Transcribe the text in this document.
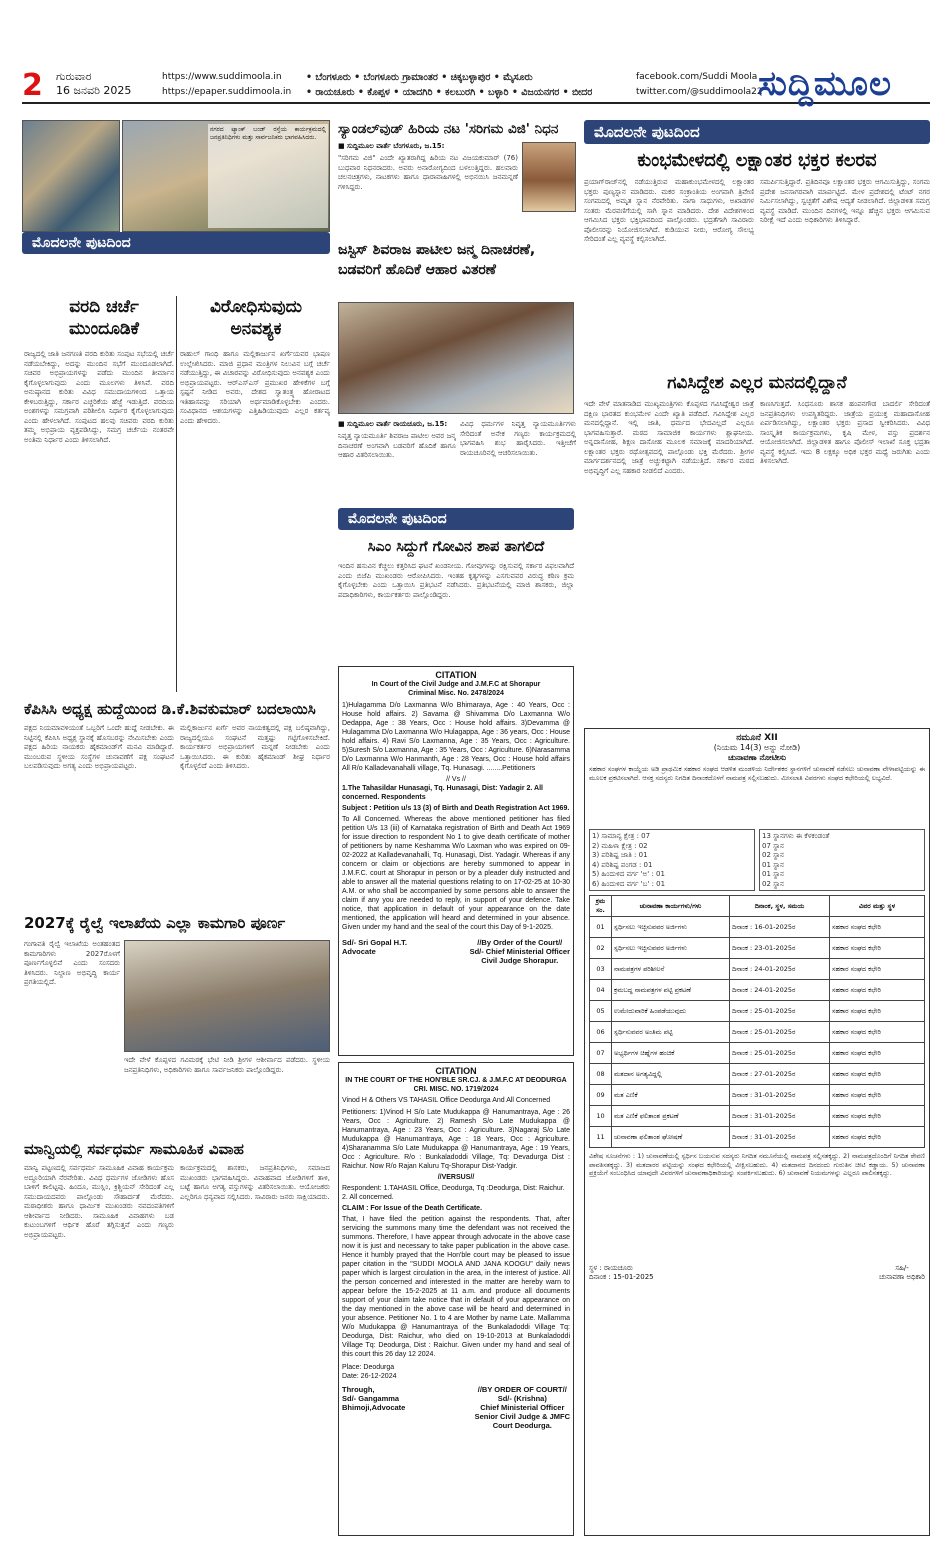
2	ಗುರುವಾರ
16 ಜನವರಿ 2025
https://www.suddimoola.in
https://epaper.suddimoola.in
• ಬೆಂಗಳೂರು • ಬೆಂಗಳೂರು ಗ್ರಾಮಾಂತರ • ಚಿಕ್ಕಬಳ್ಳಾಪುರ • ಮೈಸೂರು
• ರಾಯಚೂರು • ಕೊಪ್ಪಳ • ಯಾದಗಿರಿ • ಕಲಬುರಗಿ • ಬಳ್ಳಾರಿ • ವಿಜಯನಗರ • ಬೀದರ
facebook.com/Suddi Moola
twitter.com/@suddimoola22
ಸುದ್ದಿಮೂಲ
ನಗರದ ಟ್ಯಾಂಕ್ ಬಂಡ್ ರಸ್ತೆಯ ಕಾರ್ಯಕ್ರಮದಲ್ಲಿ ಜನಪ್ರತಿನಿಧಿಗಳು ಮತ್ತು ಸಾರ್ವಜನಿಕರು ಭಾಗವಹಿಸಿದರು.
ಮೊದಲನೇ ಪುಟದಿಂದ
ವರದಿ ಚರ್ಚೆ ಮುಂದೂಡಿಕೆ
ವಿರೋಧಿಸುವುದು ಅನವಶ್ಯಕ
ರಾಜ್ಯದಲ್ಲಿ ಜಾತಿ ಜನಗಣತಿ ವರದಿ ಕುರಿತು ಸಂಪುಟ ಸಭೆಯಲ್ಲಿ ಚರ್ಚೆ ನಡೆಯಬೇಕಿದ್ದು, ಅದನ್ನು ಮುಂದಿನ ಸಭೆಗೆ ಮುಂದೂಡಲಾಗಿದೆ. ಸಚಿವರ ಅಭಿಪ್ರಾಯಗಳನ್ನು ಪಡೆದು ಮುಂದಿನ ತೀರ್ಮಾನ ಕೈಗೊಳ್ಳಲಾಗುವುದು ಎಂದು ಮೂಲಗಳು ತಿಳಿಸಿವೆ. ವರದಿ ಅನುಷ್ಠಾನದ ಕುರಿತು ವಿವಿಧ ಸಮುದಾಯಗಳಿಂದ ಒತ್ತಾಯ ಕೇಳಿಬರುತ್ತಿದ್ದು, ಸರ್ಕಾರ ಎಚ್ಚರಿಕೆಯ ಹೆಜ್ಜೆ ಇಡುತ್ತಿದೆ. ವರದಿಯ ಅಂಶಗಳನ್ನು ಸಮಗ್ರವಾಗಿ ಪರಿಶೀಲಿಸಿ ನಿರ್ಧಾರ ಕೈಗೊಳ್ಳಲಾಗುವುದು ಎಂದು ಹೇಳಲಾಗಿದೆ. ಸಂಪುಟದ ಹಲವು ಸಚಿವರು ವರದಿ ಕುರಿತು ತಮ್ಮ ಅಭಿಪ್ರಾಯ ವ್ಯಕ್ತಪಡಿಸಿದ್ದು, ಸಮಗ್ರ ಚರ್ಚೆಯ ನಂತರವೇ ಅಂತಿಮ ನಿರ್ಧಾರ ಎಂದು ತಿಳಿಸಲಾಗಿದೆ.
ರಾಹುಲ್ ಗಾಂಧಿ ಹಾಗೂ ಮಲ್ಲಿಕಾರ್ಜುನ ಖರ್ಗೆಯವರ ಭಾಷಣ ಉಲ್ಲೇಖಿಸಿದರು. ಮಾಜಿ ಪ್ರಧಾನ ಮಂತ್ರಿಗಳ ನಿಲುವಿನ ಬಗ್ಗೆ ಚರ್ಚೆ ನಡೆಯುತ್ತಿದ್ದು, ಈ ವಿಚಾರವನ್ನು ವಿರೋಧಿಸುವುದು ಅನವಶ್ಯಕ ಎಂದು ಅಭಿಪ್ರಾಯಪಟ್ಟರು. ಆರ್‌ಎಸ್‌ಎಸ್ ಪ್ರಮುಖರ ಹೇಳಿಕೆಗಳ ಬಗ್ಗೆ ಸ್ಪಷ್ಟನೆ ನೀಡಿದ ಅವರು, ದೇಶದ ಸ್ವಾತಂತ್ರ್ಯ ಹೋರಾಟದ ಇತಿಹಾಸವನ್ನು ಸರಿಯಾಗಿ ಅರ್ಥಮಾಡಿಕೊಳ್ಳಬೇಕು ಎಂದರು. ಸಂವಿಧಾನದ ಆಶಯಗಳನ್ನು ಎತ್ತಿಹಿಡಿಯುವುದು ಎಲ್ಲರ ಕರ್ತವ್ಯ ಎಂದು ಹೇಳಿದರು.
ಕೆಪಿಸಿಸಿ ಅಧ್ಯಕ್ಷ ಹುದ್ದೆಯಿಂದ ಡಿ.ಕೆ.ಶಿವಕುಮಾರ್ ಬದಲಾಯಿಸಿ
ಪಕ್ಷದ ನಿಯಮಾವಳಿಯಂತೆ ಒಬ್ಬರಿಗೆ ಒಂದೇ ಹುದ್ದೆ ನೀಡಬೇಕು. ಈ ನಿಟ್ಟಿನಲ್ಲಿ ಕೆಪಿಸಿಸಿ ಅಧ್ಯಕ್ಷ ಸ್ಥಾನಕ್ಕೆ ಹೊಸಬರನ್ನು ನೇಮಿಸಬೇಕು ಎಂದು ಪಕ್ಷದ ಹಿರಿಯ ನಾಯಕರು ಹೈಕಮಾಂಡ್‌ಗೆ ಮನವಿ ಮಾಡಿದ್ದಾರೆ. ಮುಂಬರುವ ಸ್ಥಳೀಯ ಸಂಸ್ಥೆಗಳ ಚುನಾವಣೆಗೆ ಪಕ್ಷ ಸಂಘಟನೆ ಬಲಪಡಿಸುವುದು ಅಗತ್ಯ ಎಂದು ಅಭಿಪ್ರಾಯಪಟ್ಟರು.
ಮಲ್ಲಿಕಾರ್ಜುನ ಖರ್ಗೆ ಅವರ ನಾಯಕತ್ವದಲ್ಲಿ ಪಕ್ಷ ಬಲಿಷ್ಠವಾಗಿದ್ದು, ರಾಜ್ಯದಲ್ಲಿಯೂ ಸಂಘಟನೆ ಮತ್ತಷ್ಟು ಗಟ್ಟಿಗೊಳಿಸಬೇಕಿದೆ. ಕಾರ್ಯಕರ್ತರ ಅಭಿಪ್ರಾಯಗಳಿಗೆ ಮನ್ನಣೆ ನೀಡಬೇಕು ಎಂದು ಒತ್ತಾಯಿಸಿದರು. ಈ ಕುರಿತು ಹೈಕಮಾಂಡ್ ಶೀಘ್ರ ನಿರ್ಧಾರ ಕೈಗೊಳ್ಳಲಿದೆ ಎಂದು ತಿಳಿಸಿದರು.
2027ಕ್ಕೆ ರೈಲ್ವೆ ಇಲಾಖೆಯ ಎಲ್ಲಾ ಕಾಮಗಾರಿ ಪೂರ್ಣ
ಗಂಗಾವತಿ ರೈಲ್ವೆ ಇಲಾಖೆಯ ಅಂತಹಂತದ ಕಾಮಗಾರಿಗಳು 2027ರೊಳಗೆ ಪೂರ್ಣಗೊಳ್ಳಲಿವೆ ಎಂದು ಸಂಸದರು ತಿಳಿಸಿದರು. ನಿಲ್ದಾಣ ಅಭಿವೃದ್ಧಿ ಕಾರ್ಯ ಪ್ರಗತಿಯಲ್ಲಿದೆ.
ಇದೇ ವೇಳೆ ಕೊಪ್ಪಳದ ಗವಿಮಠಕ್ಕೆ ಭೇಟಿ ನೀಡಿ ಶ್ರೀಗಳ ಆಶೀರ್ವಾದ ಪಡೆದರು. ಸ್ಥಳೀಯ ಜನಪ್ರತಿನಿಧಿಗಳು, ಅಧಿಕಾರಿಗಳು ಹಾಗೂ ಸಾರ್ವಜನಿಕರು ಪಾಲ್ಗೊಂಡಿದ್ದರು.
ಮಾನ್ವಿಯಲ್ಲಿ ಸರ್ವಧರ್ಮ ಸಾಮೂಹಿಕ ವಿವಾಹ
ಮಾನ್ವಿ ಪಟ್ಟಣದಲ್ಲಿ ಸರ್ವಧರ್ಮ ಸಾಮೂಹಿಕ ವಿವಾಹ ಕಾರ್ಯಕ್ರಮ ಅದ್ದೂರಿಯಾಗಿ ನೆರವೇರಿತು. ವಿವಿಧ ಧರ್ಮಗಳ ಜೋಡಿಗಳು ಹೊಸ ಬಾಳಿಗೆ ಕಾಲಿಟ್ಟವು. ಹಿಂದೂ, ಮುಸ್ಲಿಂ, ಕ್ರಿಶ್ಚಿಯನ್ ಸೇರಿದಂತೆ ಎಲ್ಲ ಸಮುದಾಯದವರು ಪಾಲ್ಗೊಂಡು ಸೌಹಾರ್ದತೆ ಮೆರೆದರು. ಮಠಾಧೀಶರು ಹಾಗೂ ಧಾರ್ಮಿಕ ಮುಖಂಡರು ನವದಂಪತಿಗಳಿಗೆ ಆಶೀರ್ವಾದ ನೀಡಿದರು. ಸಾಮೂಹಿಕ ವಿವಾಹಗಳು ಬಡ ಕುಟುಂಬಗಳಿಗೆ ಆರ್ಥಿಕ ಹೊರೆ ತಗ್ಗಿಸುತ್ತವೆ ಎಂದು ಗಣ್ಯರು ಅಭಿಪ್ರಾಯಪಟ್ಟರು.
ಕಾರ್ಯಕ್ರಮದಲ್ಲಿ ಶಾಸಕರು, ಜನಪ್ರತಿನಿಧಿಗಳು, ಸಮಾಜದ ಮುಖಂಡರು ಭಾಗವಹಿಸಿದ್ದರು. ವಿವಾಹವಾದ ಜೋಡಿಗಳಿಗೆ ತಾಳಿ, ಬಟ್ಟೆ ಹಾಗೂ ಅಗತ್ಯ ವಸ್ತುಗಳನ್ನು ವಿತರಿಸಲಾಯಿತು. ಆಯೋಜಕರು ಎಲ್ಲರಿಗೂ ಧನ್ಯವಾದ ಸಲ್ಲಿಸಿದರು. ಸಾವಿರಾರು ಜನರು ಸಾಕ್ಷಿಯಾದರು.
ಸ್ಯಾಂಡಲ್‌ವುಡ್ ಹಿರಿಯ ನಟ 'ಸರಿಗಮ ವಿಜಿ' ನಿಧನ
■ ಸುದ್ದಿಮೂಲ ವಾರ್ತೆ ಬೆಂಗಳೂರು, ಜ.15:
"ಸರಿಗಮ ವಿಜಿ" ಎಂದೇ ಖ್ಯಾತರಾಗಿದ್ದ ಹಿರಿಯ ನಟ ವಿಜಯಕುಮಾರ್ (76) ಬುಧವಾರ ನಿಧನರಾದರು. ಅವರು ಅನಾರೋಗ್ಯದಿಂದ ಬಳಲುತ್ತಿದ್ದರು. ಹಲವಾರು ಚಲನಚಿತ್ರಗಳು, ನಾಟಕಗಳು ಹಾಗೂ ಧಾರಾವಾಹಿಗಳಲ್ಲಿ ಅಭಿನಯಿಸಿ ಜನಮನ್ನಣೆ ಗಳಿಸಿದ್ದರು.
ಜಸ್ಟಿಸ್ ಶಿವರಾಜ ಪಾಟೀಲ ಜನ್ಮ ದಿನಾಚರಣೆ, ಬಡವರಿಗೆ ಹೊದಿಕೆ ಆಹಾರ ವಿತರಣೆ
■ ಸುದ್ದಿಮೂಲ ವಾರ್ತೆ ರಾಯಚೂರು, ಜ.15:
ನಿವೃತ್ತ ನ್ಯಾಯಮೂರ್ತಿ ಶಿವರಾಜ ಪಾಟೀಲ ಅವರ ಜನ್ಮ ದಿನಾಚರಣೆ ಅಂಗವಾಗಿ ಬಡವರಿಗೆ ಹೊದಿಕೆ ಹಾಗೂ ಆಹಾರ ವಿತರಿಸಲಾಯಿತು.
ವಿವಿಧ ಧರ್ಮಗಳ ನಿವೃತ್ತ ನ್ಯಾಯಮೂರ್ತಿಗಳು ಸೇರಿದಂತೆ ಅನೇಕ ಗಣ್ಯರು ಕಾರ್ಯಕ್ರಮದಲ್ಲಿ ಭಾಗವಹಿಸಿ ಶುಭ ಹಾರೈಸಿದರು. ಇತ್ತೀಚೆಗೆ ರಾಯಚೂರಿನಲ್ಲಿ ಆಚರಿಸಲಾಯಿತು.
ಮೊದಲನೇ ಪುಟದಿಂದ
ಸಿಎಂ ಸಿದ್ದುಗೆ ಗೋವಿನ ಶಾಪ ತಾಗಲಿದೆ
ಇಂದಿನ ಹಸುವಿನ ಕೆಚ್ಚಲು ಕತ್ತರಿಸಿದ ಘಟನೆ ಖಂಡನೀಯ. ಗೋವುಗಳನ್ನು ರಕ್ಷಿಸುವಲ್ಲಿ ಸರ್ಕಾರ ವಿಫಲವಾಗಿದೆ ಎಂದು ಬಿಜೆಪಿ ಮುಖಂಡರು ಆರೋಪಿಸಿದರು. ಇಂತಹ ಕೃತ್ಯಗಳನ್ನು ಎಸಗುವವರ ವಿರುದ್ಧ ಕಠಿಣ ಕ್ರಮ ಕೈಗೊಳ್ಳಬೇಕು ಎಂದು ಒತ್ತಾಯಿಸಿ ಪ್ರತಿಭಟನೆ ನಡೆಸಿದರು. ಪ್ರತಿಭಟನೆಯಲ್ಲಿ ಮಾಜಿ ಶಾಸಕರು, ಜಿಲ್ಲಾ ಪದಾಧಿಕಾರಿಗಳು, ಕಾರ್ಯಕರ್ತರು ಪಾಲ್ಗೊಂಡಿದ್ದರು.
CITATION
In Court of the Civil Judge and J.M.F.C at Shorapur
Criminal Misc. No. 2478/2024
1)Hulagamma D/o Laxmanna W/o Bhimaraya, Age : 40 Years, Occ : House hold affairs. 2) Savama @ Shivamma D/o Laxmanna W/o Dedappa, Age : 38 Years, Occ : House hold affairs. 3)Devamma @ Hulagamma D/o Laxmanna W/o Hulagappa, Age : 36 years, Occ : House hold affairs. 4) Ravi S/o Laxmanna, Age : 35 Years, Occ : Agriculture. 5)Suresh S/o Laxmanna, Age : 35 Years, Occ : Agriculture. 6)Narasamma D/o Laxmanna W/o Hanmanth, Age : 28 Years, Occ : House hold affairs All R/o Kalladevanahalli village, Tq. Hunasagi. ........Petitioners
// Vs //
1.The Tahasildar Hunasagi, Tq. Hunasagi, Dist: Yadagir 2. All concerned. Respondents
Subject : Petition u/s 13 (3) of Birth and Death Registration Act 1969.
To All Concerned. Whereas the above mentioned petitioner has filed petition U/s 13 (iii) of Karnataka registration of Birth and Death Act 1969 for issue direction to respondent No 1 to give death certificate of mother of petitioners by name Keshamma W/o Laxman who was expired on 09-02-2022 at Kalladevanahalli, Tq. Hunasagi, Dist. Yadagir. Whereas if any concern or claim or objections are hereby summoned to appear in J.M.F.C. court at Shorapur in person or by a pleader duly instructed and able to answer all the material questions relating to on 17-02-25 at 10-30 A.M. or who shall be accompanied by some persons able to answer the claim if any you are needed to reply, in support of your defence. Take notice, that application in default of your appearance on the date mentioned, the application will heard and determined in your absence. Given under my hand and the seal of the court this Day of 9-1-2025.
Sd/- Sri Gopal H.T.
Advocate
//By Order of the Court//
Sd/- Chief Ministerial Officer
Civil Judge Shorapur.
CITATION
IN THE COURT OF THE HON'BLE SR.CJ. & J.M.F.C AT DEODURGA
CRI. MISC. NO. 1719/2024
Vinod H & Others VS TAHASIL Office Deodurga And All Concerned
Petitioners: 1)Vinod H S/o Late Mudukappa @ Hanumantraya, Age : 26 Years, Occ : Agriculture. 2) Ramesh S/o Late Mudukappa @ Hanumantraya, Age : 23 Years, Occ : Agriculture. 3)Nagaraj S/o Late Mudukappa @ Hanumantraya, Age : 18 Years, Occ : Agriculture. 4)Sharanamma S/o Late Mudukappa @ Hanumantraya, Age : 19 Years, Occ : Agriculture. R/o : Bunkaladoddi Village, Tq: Devadurga Dist : Raichur. Now R/o Rajan Kaluru Tq-Shorapur Dist-Yadgir.
//VERSUS//
Respondent: 1.TAHASIL Office, Deodurga, Tq :Deodurga, Dist: Raichur. 2. All concerned.
CLAIM : For Issue of the Death Certificate.
That, I have filed the petition against the respondents. That, after servicing the summons many time the defendant was not received the summons. Therefore, I have appear through advocate in the above case now it is just and necessary to take paper publication in the above case. Hence it humbly prayed that the Hon'ble court may be pleased to issue paper citation in the "SUDDI MOOLA AND JANA KOOGU" daily news paper which is largest circulation in the area, in the interest of justice. All the person concerned and interested in the matter are hereby warn to appear before the 15-2-2025 at 11 a.m. and produce all documents support of your claim take notice that in default of your appearance on the day mentioned in the above case will be heard and determined in your absence. Petitioner No. 1 to 4 are Mother by name Late. Mallamma W/o Mudukappa @ Hanumantraya of the Bunkaladoddi Village Tq: Deodurga, Dist: Raichur, who died on 19-10-2013 at Bunkaladoddi Village Tq: Deodurga, Dist : Raichur. Given under my hand and seal of this court this 26 day 12 2024.
Place: Deodurga
Date: 26-12-2024
Through,
Sd/- Gangamma
Bhimoji,Advocate
//BY ORDER OF COURT//
Sd/- (Krishna)
Chief Ministerial Officer
Senior Civil Judge & JMFC
Court Deodurga.
ಮೊದಲನೇ ಪುಟದಿಂದ
ಕುಂಭಮೇಳದಲ್ಲಿ ಲಕ್ಷಾಂತರ ಭಕ್ತರ ಕಲರವ
ಪ್ರಯಾಗ್‌ರಾಜ್‌ನಲ್ಲಿ ನಡೆಯುತ್ತಿರುವ ಮಹಾಕುಂಭಮೇಳದಲ್ಲಿ ಲಕ್ಷಾಂತರ ಭಕ್ತರು ಪುಣ್ಯಸ್ನಾನ ಮಾಡಿದರು. ಮಕರ ಸಂಕ್ರಾಂತಿಯ ಅಂಗವಾಗಿ ತ್ರಿವೇಣಿ ಸಂಗಮದಲ್ಲಿ ಅಮೃತ ಸ್ನಾನ ನೆರವೇರಿತು. ನಾಗಾ ಸಾಧುಗಳು, ಅಖಾಡಗಳ ಸಂತರು ಮೆರವಣಿಗೆಯಲ್ಲಿ ಸಾಗಿ ಸ್ನಾನ ಮಾಡಿದರು. ದೇಶ ವಿದೇಶಗಳಿಂದ ಆಗಮಿಸಿದ ಭಕ್ತರು ಭಕ್ತಿಭಾವದಿಂದ ಪಾಲ್ಗೊಂಡರು. ಭದ್ರತೆಗಾಗಿ ಸಾವಿರಾರು ಪೊಲೀಸರನ್ನು ನಿಯೋಜಿಸಲಾಗಿದೆ. ಕುಡಿಯುವ ನೀರು, ಆರೋಗ್ಯ ಸೌಲಭ್ಯ ಸೇರಿದಂತೆ ಎಲ್ಲ ವ್ಯವಸ್ಥೆ ಕಲ್ಪಿಸಲಾಗಿದೆ.
ಸಮರ್ಪಿಸುತ್ತಿದ್ದಾರೆ. ಪ್ರತಿದಿನವೂ ಲಕ್ಷಾಂತರ ಭಕ್ತರು ಆಗಮಿಸುತ್ತಿದ್ದು, ಸಂಗಮ ಪ್ರದೇಶ ಜನಸಾಗರವಾಗಿ ಮಾರ್ಪಟ್ಟಿದೆ. ಮೇಳ ಪ್ರದೇಶದಲ್ಲಿ ಟೆಂಟ್ ನಗರ ನಿರ್ಮಿಸಲಾಗಿದ್ದು, ಸ್ವಚ್ಛತೆಗೆ ವಿಶೇಷ ಆದ್ಯತೆ ನೀಡಲಾಗಿದೆ. ಜಿಲ್ಲಾಡಳಿತ ಸಮಗ್ರ ವ್ಯವಸ್ಥೆ ಮಾಡಿದೆ. ಮುಂದಿನ ದಿನಗಳಲ್ಲಿ ಇನ್ನೂ ಹೆಚ್ಚಿನ ಭಕ್ತರು ಆಗಮಿಸುವ ನಿರೀಕ್ಷೆ ಇದೆ ಎಂದು ಅಧಿಕಾರಿಗಳು ತಿಳಿಸಿದ್ದಾರೆ.
ಗವಿಸಿದ್ದೇಶ ಎಲ್ಲರ ಮನದಲ್ಲಿದ್ದಾನೆ
ಇದೇ ವೇಳೆ ಮಾತನಾಡಿದ ಮುಖ್ಯಮಂತ್ರಿಗಳು ಕೊಪ್ಪಳದ ಗವಿಸಿದ್ದೇಶ್ವರ ಜಾತ್ರೆ ದಕ್ಷಿಣ ಭಾರತದ ಕುಂಭಮೇಳ ಎಂದೇ ಖ್ಯಾತಿ ಪಡೆದಿದೆ. ಗವಿಸಿದ್ದೇಶ ಎಲ್ಲರ ಮನದಲ್ಲಿದ್ದಾನೆ. ಇಲ್ಲಿ ಜಾತಿ, ಧರ್ಮದ ಭೇದವಿಲ್ಲದೆ ಎಲ್ಲರೂ ಭಾಗವಹಿಸುತ್ತಾರೆ. ಮಠದ ಸಾಮಾಜಿಕ ಕಾರ್ಯಗಳು ಶ್ಲಾಘನೀಯ. ಅನ್ನದಾಸೋಹ, ಶಿಕ್ಷಣ ದಾಸೋಹ ಮೂಲಕ ಸಮಾಜಕ್ಕೆ ಮಾದರಿಯಾಗಿದೆ. ಲಕ್ಷಾಂತರ ಭಕ್ತರು ರಥೋತ್ಸವದಲ್ಲಿ ಪಾಲ್ಗೊಂಡು ಭಕ್ತಿ ಮೆರೆದರು. ಶ್ರೀಗಳ ಮಾರ್ಗದರ್ಶನದಲ್ಲಿ ಜಾತ್ರೆ ಅಚ್ಚುಕಟ್ಟಾಗಿ ನಡೆಯುತ್ತಿದೆ. ಸರ್ಕಾರ ಮಠದ ಅಭಿವೃದ್ಧಿಗೆ ಎಲ್ಲ ಸಹಕಾರ ನೀಡಲಿದೆ ಎಂದರು.
ಕಾಣಸಿಗುತ್ತದೆ. ಸಿಂಧನೂರು ಶಾಸಕ ಹಂಪನಗೌಡ ಬಾದರ್ಲಿ ಸೇರಿದಂತೆ ಜನಪ್ರತಿನಿಧಿಗಳು ಉಪಸ್ಥಿತರಿದ್ದರು. ಜಾತ್ರೆಯ ಪ್ರಯುಕ್ತ ಮಹಾದಾಸೋಹ ಏರ್ಪಡಿಸಲಾಗಿದ್ದು, ಲಕ್ಷಾಂತರ ಭಕ್ತರು ಪ್ರಸಾದ ಸ್ವೀಕರಿಸಿದರು. ವಿವಿಧ ಸಾಂಸ್ಕೃತಿಕ ಕಾರ್ಯಕ್ರಮಗಳು, ಕೃಷಿ ಮೇಳ, ವಸ್ತು ಪ್ರದರ್ಶನ ಆಯೋಜಿಸಲಾಗಿದೆ. ಜಿಲ್ಲಾಡಳಿತ ಹಾಗೂ ಪೊಲೀಸ್ ಇಲಾಖೆ ಸೂಕ್ತ ಭದ್ರತಾ ವ್ಯವಸ್ಥೆ ಕಲ್ಪಿಸಿದೆ. ಇದು 8 ಲಕ್ಷಕ್ಕೂ ಅಧಿಕ ಭಕ್ತರ ಮಧ್ಯೆ ಜರುಗಿತು ಎಂದು ತಿಳಿಸಲಾಗಿದೆ.
ನಮೂನೆ XII
(ನಿಯಮ 14(3) ಅನ್ನು ನೋಡಿ)
ಚುನಾವಣಾ ನೋಟೀಸು
ಸಹಕಾರ ಸಂಘಗಳ ಕಾಯ್ದೆಯ ಅಡಿ ಪ್ರಾಥಮಿಕ ಸಹಕಾರ ಸಂಘದ ಆಡಳಿತ ಮಂಡಳಿಯ ನಿರ್ದೇಶಕರ ಸ್ಥಾನಗಳಿಗೆ ಚುನಾವಣೆ ನಡೆಸಲು ಚುನಾವಣಾ ವೇಳಾಪಟ್ಟಿಯನ್ನು ಈ ಮೂಲಕ ಪ್ರಕಟಿಸಲಾಗಿದೆ. ಆಸಕ್ತ ಸದಸ್ಯರು ನಿಗದಿತ ದಿನಾಂಕದೊಳಗೆ ನಾಮಪತ್ರ ಸಲ್ಲಿಸಬಹುದು. ಮೀಸಲಾತಿ ವಿವರಗಳು ಸಂಘದ ಕಛೇರಿಯಲ್ಲಿ ಲಭ್ಯವಿದೆ.
1) ಸಾಮಾನ್ಯ ಕ್ಷೇತ್ರ : 07
2) ಮಹಿಳಾ ಕ್ಷೇತ್ರ : 02
3) ಪರಿಶಿಷ್ಟ ಜಾತಿ : 01
4) ಪರಿಶಿಷ್ಟ ಪಂಗಡ : 01
5) ಹಿಂದುಳಿದ ವರ್ಗ 'ಅ' : 01
6) ಹಿಂದುಳಿದ ವರ್ಗ 'ಬ' : 01
13 ಸ್ಥಾನಗಳು ಈ ಕೆಳಕಂಡಂತೆ
07 ಸ್ಥಾನ
02 ಸ್ಥಾನ
01 ಸ್ಥಾನ
01 ಸ್ಥಾನ
02 ಸ್ಥಾನ
ಕ್ರಮ ಸಂ.	ಚುನಾವಣಾ ಕಾರ್ಯಗಳು/ಗಳು	ದಿನಾಂಕ, ಸ್ಥಳ, ಸಮಯ	ವಿವರ ಮತ್ತು ಸ್ಥಳ
01	ಸ್ಪರ್ಧಿಸಲು ಇಚ್ಛಿಸುವವರ ಅರ್ಜಿಗಳು	ದಿನಾಂಕ : 16-01-2025ರ	ಸಹಕಾರ ಸಂಘದ ಕಛೇರಿ
02	ಸ್ಪರ್ಧಿಸಲು ಇಚ್ಛಿಸುವವರ ಅರ್ಜಿಗಳು	ದಿನಾಂಕ : 23-01-2025ರ	ಸಹಕಾರ ಸಂಘದ ಕಛೇರಿ
03	ನಾಮಪತ್ರಗಳ ಪರಿಶೀಲನೆ	ದಿನಾಂಕ : 24-01-2025ರ	ಸಹಕಾರ ಸಂಘದ ಕಛೇರಿ
04	ಕ್ರಮಬದ್ಧ ನಾಮಪತ್ರಗಳ ಪಟ್ಟಿ ಪ್ರಕಟಣೆ	ದಿನಾಂಕ : 24-01-2025ರ	ಸಹಕಾರ ಸಂಘದ ಕಛೇರಿ
05	ಉಮೇದುವಾರಿಕೆ ಹಿಂಪಡೆಯುವುದು	ದಿನಾಂಕ : 25-01-2025ರ	ಸಹಕಾರ ಸಂಘದ ಕಛೇರಿ
06	ಸ್ಪರ್ಧಿಸುವವರ ಅಂತಿಮ ಪಟ್ಟಿ	ದಿನಾಂಕ : 25-01-2025ರ	ಸಹಕಾರ ಸಂಘದ ಕಛೇರಿ
07	ಅಭ್ಯರ್ಥಿಗಳ ಚಿಹ್ನೆಗಳ ಹಂಚಿಕೆ	ದಿನಾಂಕ : 25-01-2025ರ	ಸಹಕಾರ ಸಂಘದ ಕಛೇರಿ
08	ಮತದಾನ ಅಗತ್ಯವಿದ್ದಲ್ಲಿ	ದಿನಾಂಕ : 27-01-2025ರ	ಸಹಕಾರ ಸಂಘದ ಕಛೇರಿ
09	ಮತ ಎಣಿಕೆ	ದಿನಾಂಕ : 31-01-2025ರ	ಸಹಕಾರ ಸಂಘದ ಕಛೇರಿ
10	ಮತ ಎಣಿಕೆ ಫಲಿತಾಂಶ ಪ್ರಕಟಣೆ	ದಿನಾಂಕ : 31-01-2025ರ	ಸಹಕಾರ ಸಂಘದ ಕಛೇರಿ
11	ಚುನಾವಣಾ ಫಲಿತಾಂಶ ಘೋಷಣೆ	ದಿನಾಂಕ : 31-01-2025ರ	ಸಹಕಾರ ಸಂಘದ ಕಛೇರಿ
ವಿಶೇಷ ಸೂಚನೆಗಳು : 1) ಚುನಾವಣೆಯಲ್ಲಿ ಸ್ಪರ್ಧಿಸ ಬಯಸುವ ಸದಸ್ಯರು ನಿಗದಿತ ನಮೂನೆಯಲ್ಲಿ ನಾಮಪತ್ರ ಸಲ್ಲಿಸತಕ್ಕದ್ದು. 2) ನಾಮಪತ್ರದೊಂದಿಗೆ ನಿಗದಿತ ಠೇವಣಿ ಪಾವತಿಸತಕ್ಕದ್ದು. 3) ಮತದಾರರ ಪಟ್ಟಿಯನ್ನು ಸಂಘದ ಕಛೇರಿಯಲ್ಲಿ ವೀಕ್ಷಿಸಬಹುದು. 4) ಮತದಾನದ ದಿನದಂದು ಗುರುತಿನ ಚೀಟಿ ಕಡ್ಡಾಯ. 5) ಚುನಾವಣಾ ಪ್ರಕ್ರಿಯೆಗೆ ಸಂಬಂಧಿಸಿದ ಯಾವುದೇ ವಿವರಗಳಿಗೆ ಚುನಾವಣಾಧಿಕಾರಿಯನ್ನು ಸಂಪರ್ಕಿಸಬಹುದು. 6) ಚುನಾವಣೆ ನಿಯಮಗಳನ್ನು ಎಲ್ಲರೂ ಪಾಲಿಸತಕ್ಕದ್ದು.
ಸ್ಥಳ : ರಾಯಚೂರು
ದಿನಾಂಕ : 15-01-2025
ಸಹಿ/-
ಚುನಾವಣಾ ಅಧಿಕಾರಿ
